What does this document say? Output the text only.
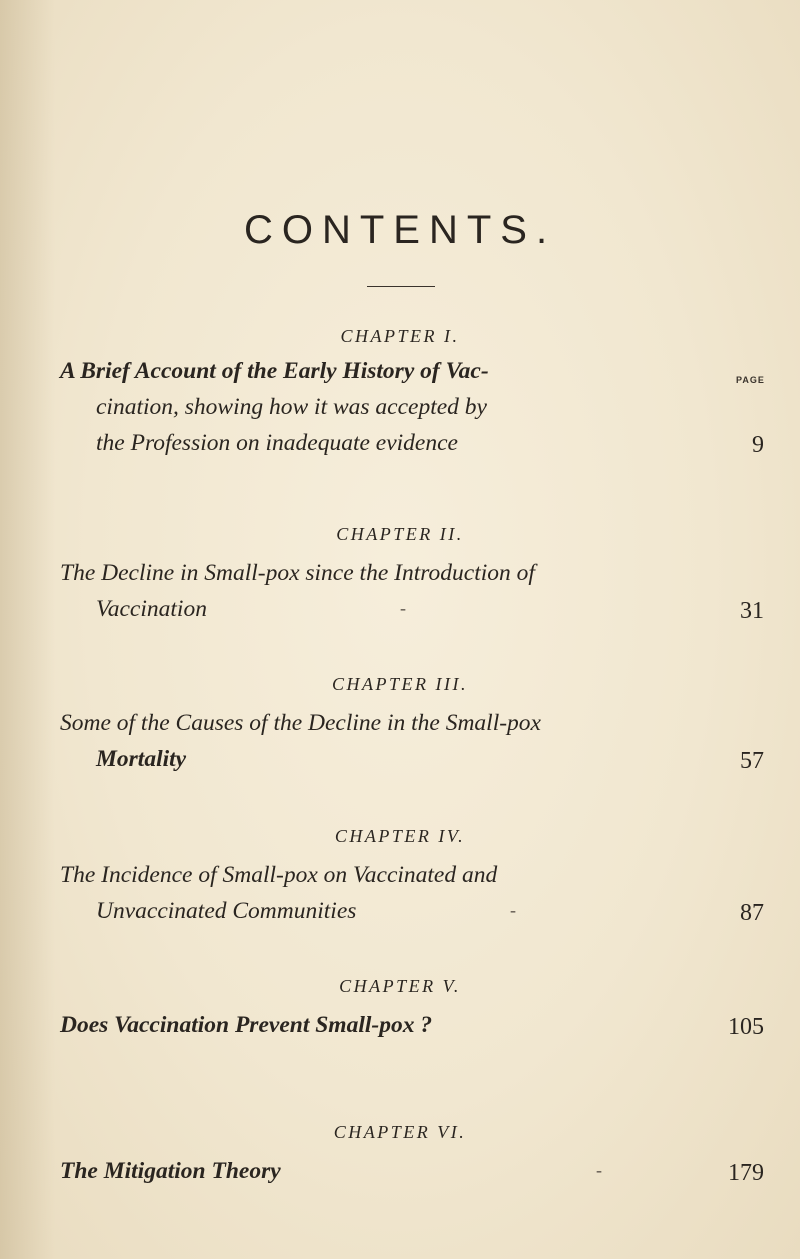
CONTENTS.
PAGE
CHAPTER I.
A Brief Account of the Early History of Vac-
cination, showing how it was accepted by
the Profession on inadequate evidence	9
CHAPTER II.
The Decline in Small-pox since the Introduction of
Vaccination	-	31
CHAPTER III.
Some of the Causes of the Decline in the Small-pox
Mortality	57
CHAPTER IV.
The Incidence of Small-pox on Vaccinated and
Unvaccinated Communities	-	87
CHAPTER V.
Does Vaccination Prevent Small-pox ?	105
CHAPTER VI.
The Mitigation Theory	-	179
